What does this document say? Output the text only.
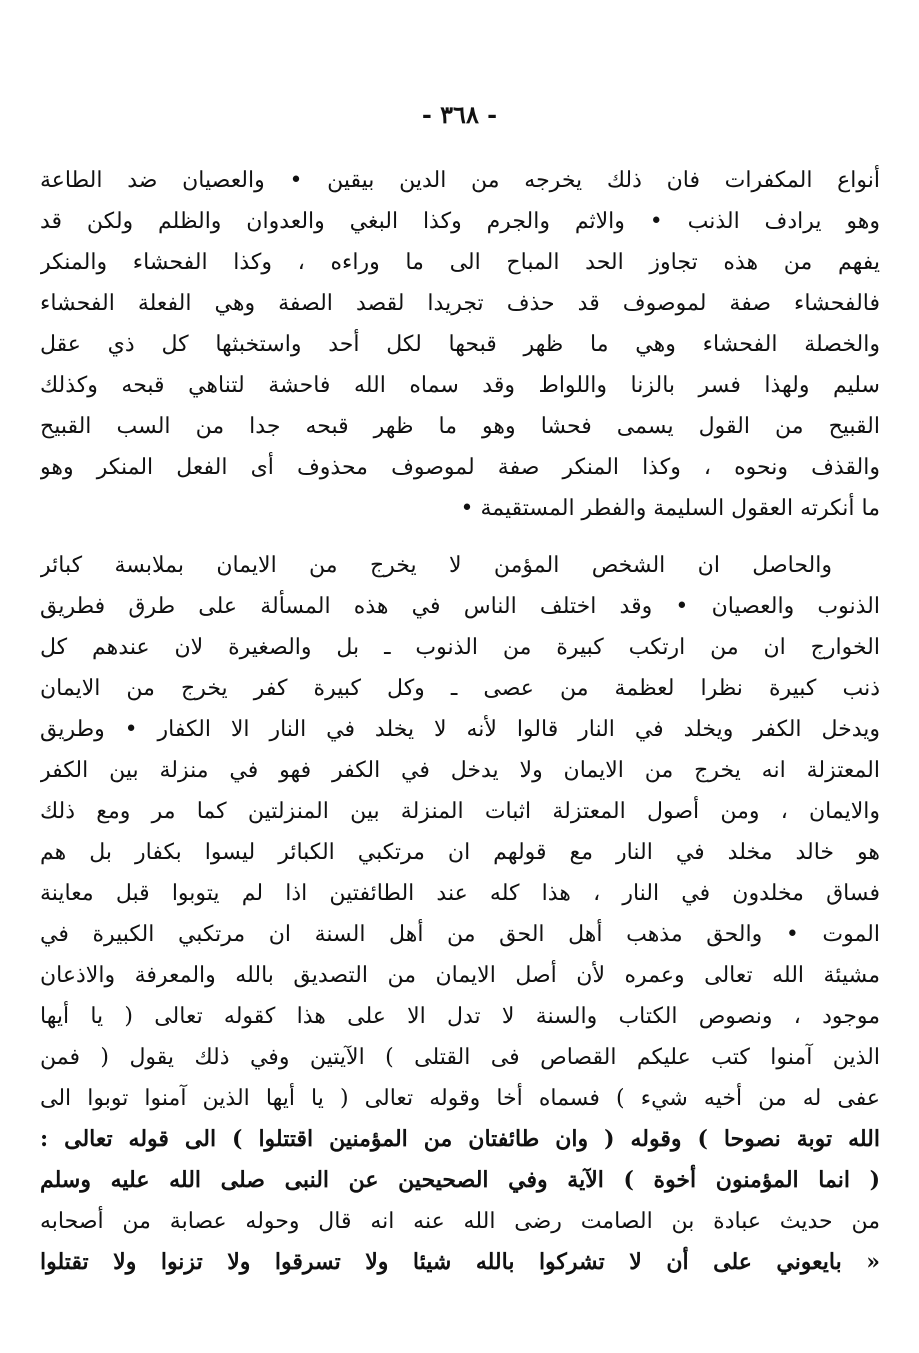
- ٣٦٨ -
أنواع المكفرات فان ذلك يخرجه من الدين بيقين • والعصيان ضد الطاعة
وهو يرادف الذنب • والاثم والجرم وكذا البغي والعدوان والظلم ولكن قد
يفهم من هذه تجاوز الحد المباح الى ما وراءه ، وكذا الفحشاء والمنكر
فالفحشاء صفة لموصوف قد حذف تجريدا لقصد الصفة وهي الفعلة الفحشاء
والخصلة الفحشاء وهي ما ظهر قبحها لكل أحد واستخبثها كل ذي عقل
سليم ولهذا فسر بالزنا واللواط وقد سماه الله فاحشة لتناهي قبحه وكذلك
القبيح من القول يسمى فحشا وهو ما ظهر قبحه جدا من السب القبيح
والقذف ونحوه ، وكذا المنكر صفة لموصوف محذوف أى الفعل المنكر وهو
ما أنكرته العقول السليمة والفطر المستقيمة •
والحاصل ان الشخص المؤمن لا يخرج من الايمان بملابسة كبائر
الذنوب والعصيان • وقد اختلف الناس في هذه المسألة على طرق فطريق
الخوارج ان من ارتكب كبيرة من الذنوب ـ بل والصغيرة لان عندهم كل
ذنب كبيرة نظرا لعظمة من عصى ـ وكل كبيرة كفر يخرج من الايمان
ويدخل الكفر ويخلد في النار قالوا لأنه لا يخلد في النار الا الكفار • وطريق
المعتزلة انه يخرج من الايمان ولا يدخل في الكفر فهو في منزلة بين الكفر
والايمان ، ومن أصول المعتزلة اثبات المنزلة بين المنزلتين كما مر ومع ذلك
هو خالد مخلد في النار مع قولهم ان مرتكبي الكبائر ليسوا بكفار بل هم
فساق مخلدون في النار ، هذا كله عند الطائفتين اذا لم يتوبوا قبل معاينة
الموت • والحق مذهب أهل الحق من أهل السنة ان مرتكبي الكبيرة في
مشيئة الله تعالى وعمره لأن أصل الايمان من التصديق بالله والمعرفة والاذعان
موجود ، ونصوص الكتاب والسنة لا تدل الا على هذا كقوله تعالى ( يا أيها
الذين آمنوا كتب عليكم القصاص فى القتلى ) الآيتين وفي ذلك يقول ( فمن
عفى له من أخيه شيء ) فسماه أخا وقوله تعالى ( يا أيها الذين آمنوا توبوا الى
الله توبة نصوحا ) وقوله ( وان طائفتان من المؤمنين اقتتلوا ) الى قوله تعالى :
( انما المؤمنون أخوة ) الآية وفي الصحيحين عن النبى صلى الله عليه وسلم
من حديث عبادة بن الصامت رضى الله عنه انه قال وحوله عصابة من أصحابه
« بايعوني على أن لا تشركوا بالله شيئا ولا تسرقوا ولا تزنوا ولا تقتلوا
